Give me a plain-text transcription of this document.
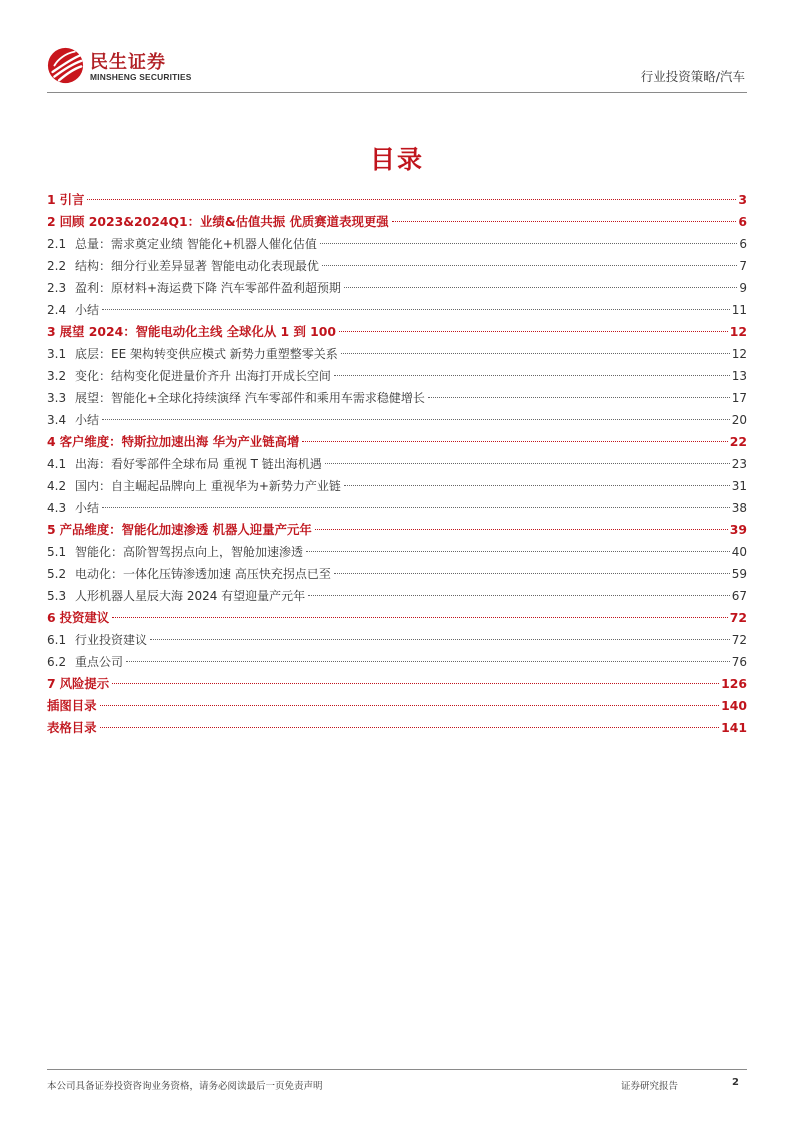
民生证券
MINSHENG SECURITIES	行业投资策略/汽车
目录
1 引言	3
2 回顾 2023&2024Q1：业绩&估值共振 优质赛道表现更强	6
2.1 总量：需求奠定业绩 智能化+机器人催化估值	6
2.2 结构：细分行业差异显著 智能电动化表现最优	7
2.3 盈利：原材料+海运费下降 汽车零部件盈利超预期	9
2.4 小结	11
3 展望 2024：智能电动化主线 全球化从 1 到 100	12
3.1 底层：EE 架构转变供应模式 新势力重塑整零关系	12
3.2 变化：结构变化促进量价齐升 出海打开成长空间	13
3.3 展望：智能化+全球化持续演绎 汽车零部件和乘用车需求稳健增长	17
3.4 小结	20
4 客户维度：特斯拉加速出海 华为产业链高增	22
4.1 出海：看好零部件全球布局 重视 T 链出海机遇	23
4.2 国内：自主崛起品牌向上 重视华为+新势力产业链	31
4.3 小结	38
5 产品维度：智能化加速渗透 机器人迎量产元年	39
5.1 智能化：高阶智驾拐点向上，智舱加速渗透	40
5.2 电动化：一体化压铸渗透加速 高压快充拐点已至	59
5.3 人形机器人星辰大海 2024 有望迎量产元年	67
6 投资建议	72
6.1 行业投资建议	72
6.2 重点公司	76
7 风险提示	126
插图目录	140
表格目录	141
本公司具备证券投资咨询业务资格，请务必阅读最后一页免责声明	证券研究报告	2
